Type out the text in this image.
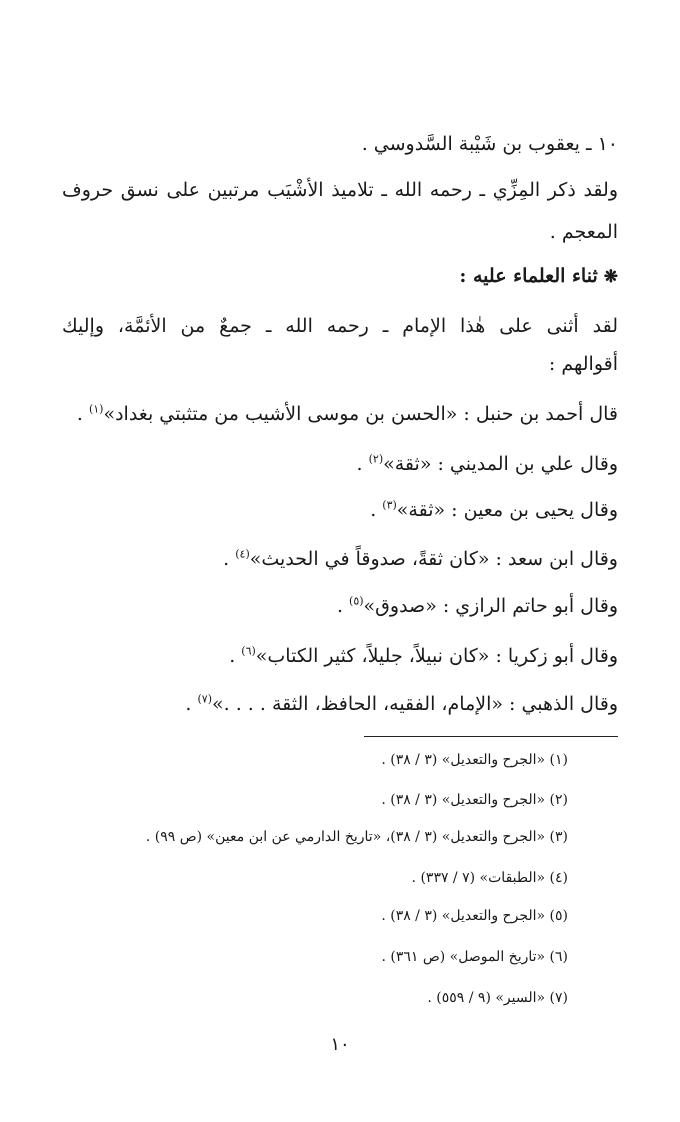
١٠ ـ يعقوب بن شَيْبة السَّدوسي .
ولقد ذكر المِزِّي ـ رحمه الله ـ تلاميذ الأشْيَب مرتبين على نسق حروف
المعجم .
❋ثناء العلماء عليه :
لقد أثنى على هٰذا الإمام ـ رحمه الله ـ جمعٌ من الأئمَّة، وإليك
أقوالهم :
قال أحمد بن حنبل : «الحسن بن موسى الأشيب من متثبتي بغداد»$^{(١)}$ .
وقال علي بن المديني : «ثقة»$^{(٢)}$ .
وقال يحيى بن معين : «ثقة»$^{(٣)}$ .
وقال ابن سعد : «كان ثقةً، صدوقاً في الحديث»$^{(٤)}$ .
وقال أبو حاتم الرازي : «صدوق»$^{(٥)}$ .
وقال أبو زكريا : «كان نبيلاً، جليلاً، كثير الكتاب»$^{(٦)}$ .
وقال الذهبي : «الإمام، الفقيه، الحافظ، الثقة . . . .»$^{(٧)}$ .
(١) «الجرح والتعديل» (٣ / ٣٨) .
(٢) «الجرح والتعديل» (٣ / ٣٨) .
(٣) «الجرح والتعديل» (٣ / ٣٨)، «تاريخ الدارمي عن ابن معين» (ص ٩٩) .
(٤) «الطبقات» (٧ / ٣٣٧) .
(٥) «الجرح والتعديل» (٣ / ٣٨) .
(٦) «تاريخ الموصل» (ص ٣٦١) .
(٧) «السير» (٩ / ٥٥٩) .
١٠
